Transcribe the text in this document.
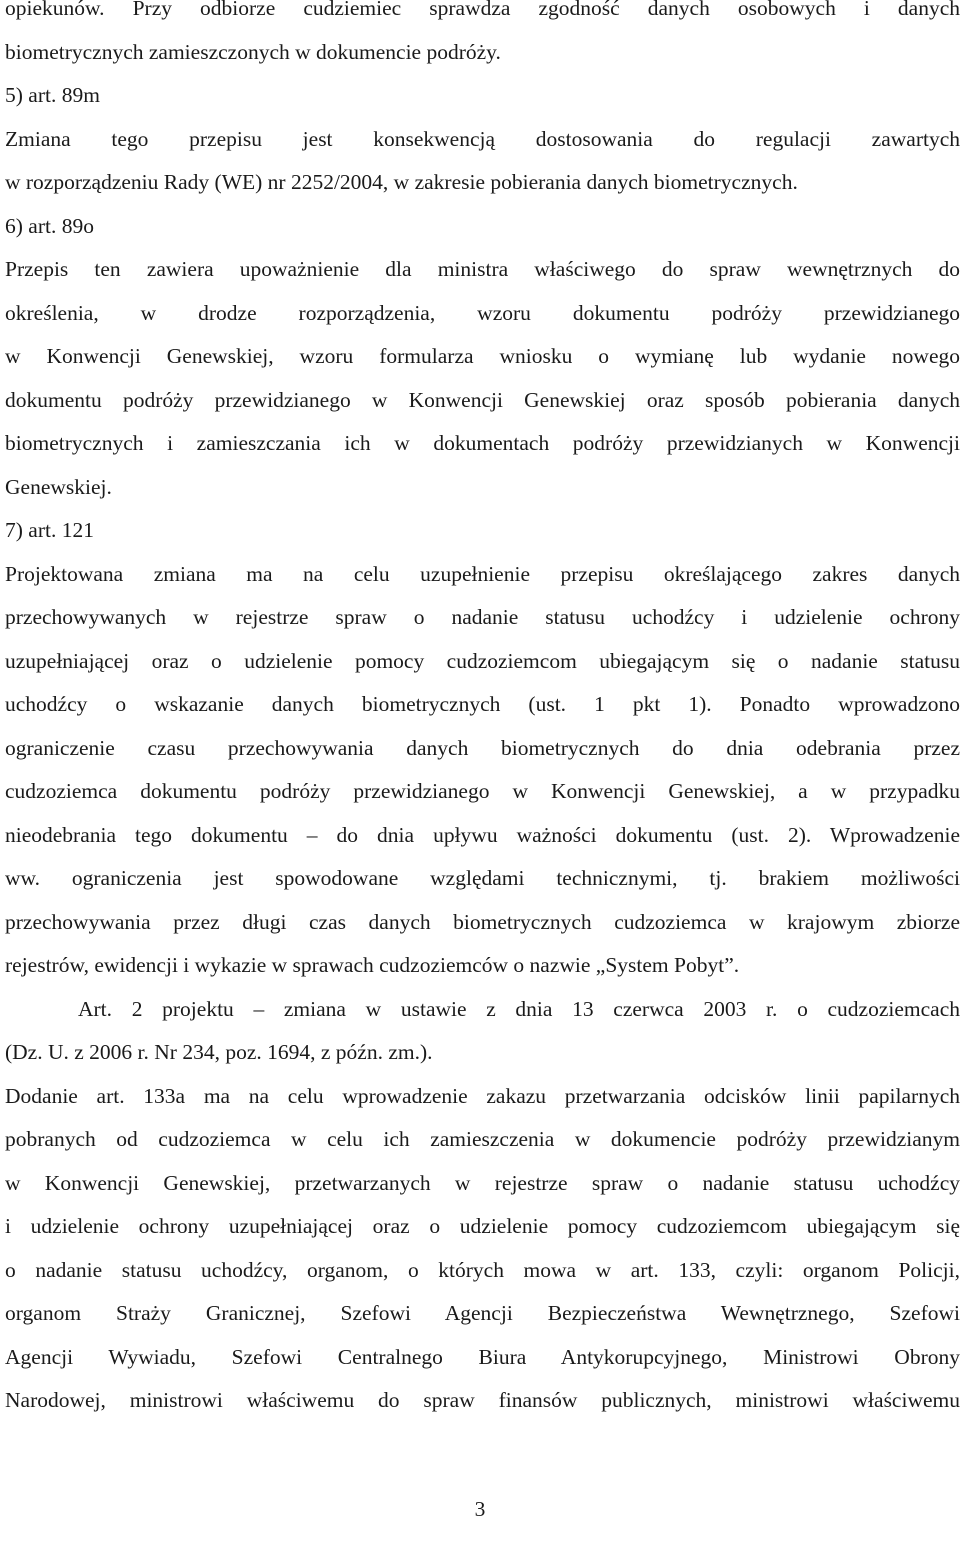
opiekunów. Przy odbiorze cudziemiec sprawdza zgodność danych osobowych i danych
biometrycznych zamieszczonych w dokumencie podróży.
5) art. 89m
Zmiana tego przepisu jest konsekwencją dostosowania do regulacji zawartych
w rozporządzeniu Rady (WE) nr 2252/2004, w zakresie pobierania danych biometrycznych.
6) art. 89o
Przepis ten zawiera upoważnienie dla ministra właściwego do spraw wewnętrznych do
określenia, w drodze rozporządzenia, wzoru dokumentu podróży przewidzianego
w Konwencji Genewskiej, wzoru formularza wniosku o wymianę lub wydanie nowego
dokumentu podróży przewidzianego w Konwencji Genewskiej oraz sposób pobierania danych
biometrycznych i zamieszczania ich w dokumentach podróży przewidzianych w Konwencji
Genewskiej.
7) art. 121
Projektowana zmiana ma na celu uzupełnienie przepisu określającego zakres danych
przechowywanych w rejestrze spraw o nadanie statusu uchodźcy i udzielenie ochrony
uzupełniającej oraz o udzielenie pomocy cudzoziemcom ubiegającym się o nadanie statusu
uchodźcy o wskazanie danych biometrycznych (ust. 1 pkt 1). Ponadto wprowadzono
ograniczenie czasu przechowywania danych biometrycznych do dnia odebrania przez
cudzoziemca dokumentu podróży przewidzianego w Konwencji Genewskiej, a w przypadku
nieodebrania tego dokumentu – do dnia upływu ważności dokumentu (ust. 2). Wprowadzenie
ww. ograniczenia jest spowodowane względami technicznymi, tj. brakiem możliwości
przechowywania przez długi czas danych biometrycznych cudzoziemca w krajowym zbiorze
rejestrów, ewidencji i wykazie w sprawach cudzoziemców o nazwie „System Pobyt”.
Art. 2 projektu – zmiana w ustawie z dnia 13 czerwca 2003 r. o cudzoziemcach
(Dz. U. z 2006 r. Nr 234, poz. 1694, z późn. zm.).
Dodanie art. 133a ma na celu wprowadzenie zakazu przetwarzania odcisków linii papilarnych
pobranych od cudzoziemca w celu ich zamieszczenia w dokumencie podróży przewidzianym
w Konwencji Genewskiej, przetwarzanych w rejestrze spraw o nadanie statusu uchodźcy
i udzielenie ochrony uzupełniającej oraz o udzielenie pomocy cudzoziemcom ubiegającym się
o nadanie statusu uchodźcy, organom, o których mowa w art. 133, czyli: organom Policji,
organom Straży Granicznej, Szefowi Agencji Bezpieczeństwa Wewnętrznego, Szefowi
Agencji Wywiadu, Szefowi Centralnego Biura Antykorupcyjnego, Ministrowi Obrony
Narodowej, ministrowi właściwemu do spraw finansów publicznych, ministrowi właściwemu
3
